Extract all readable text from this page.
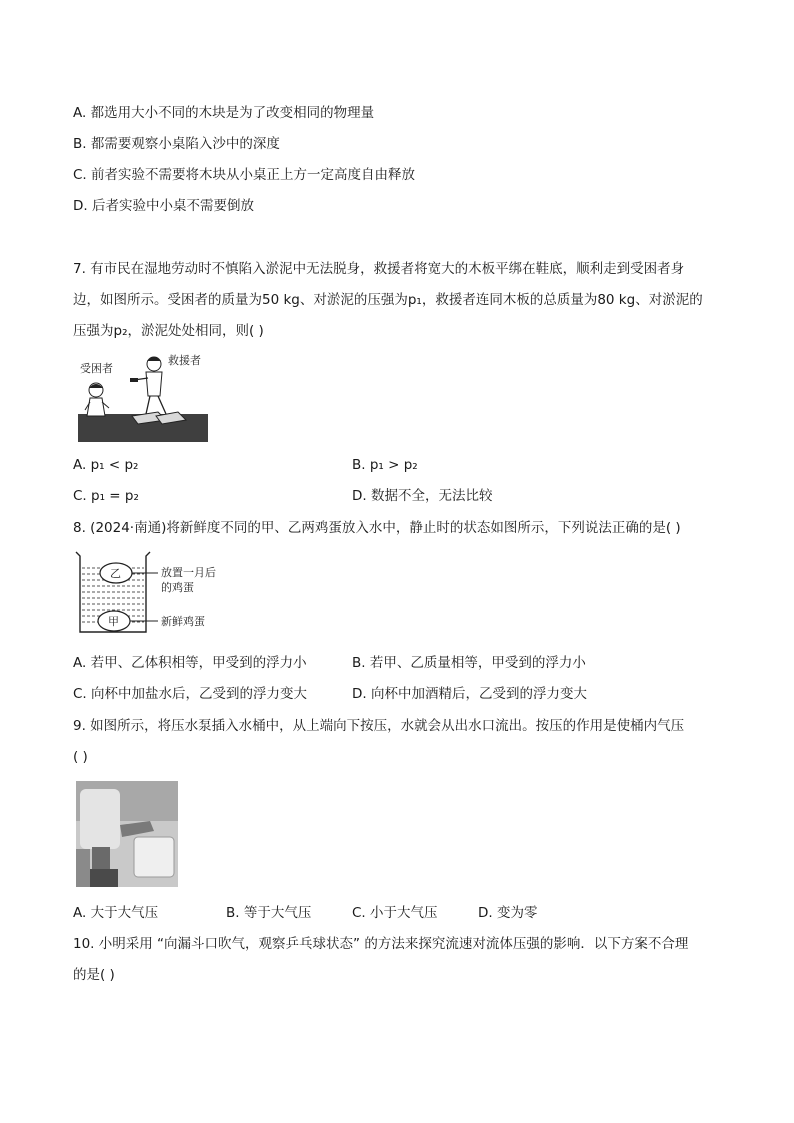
A. 都选用大小不同的木块是为了改变相同的物理量
B. 都需要观察小桌陷入沙中的深度
C. 前者实验不需要将木块从小桌正上方一定高度自由释放
D. 后者实验中小桌不需要倒放
7. 有市民在湿地劳动时不慎陷入淤泥中无法脱身，救援者将宽大的木板平绑在鞋底，顺利走到受困者身
边，如图所示。受困者的质量为50 kg、对淤泥的压强为p₁，救援者连同木板的总质量为80 kg、对淤泥的
压强为p₂，淤泥处处相同，则( )
受困者
救援者
A. p₁ < p₂	B. p₁ > p₂
C. p₁ = p₂	D. 数据不全，无法比较
8. (2024·南通)将新鲜度不同的甲、乙两鸡蛋放入水中，静止时的状态如图所示，下列说法正确的是( )
乙
甲
放置一月后
的鸡蛋
新鲜鸡蛋
A. 若甲、乙体积相等，甲受到的浮力小	B. 若甲、乙质量相等，甲受到的浮力小
C. 向杯中加盐水后，乙受到的浮力变大	D. 向杯中加酒精后，乙受到的浮力变大
9. 如图所示，将压水泵插入水桶中，从上端向下按压，水就会从出水口流出。按压的作用是使桶内气压
( )
A. 大于大气压	B. 等于大气压	C. 小于大气压	D. 变为零
10. 小明采用 “向漏斗口吹气，观察乒乓球状态” 的方法来探究流速对流体压强的影响．以下方案不合理
的是( )
